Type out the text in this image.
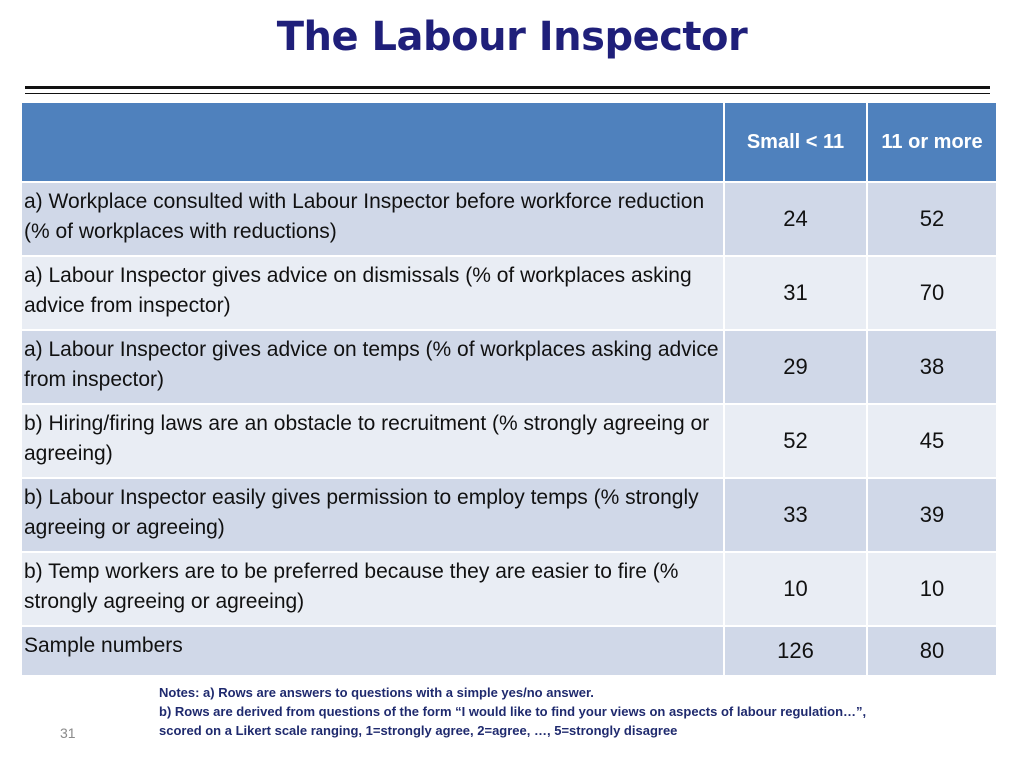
The Labour Inspector
	Small < 11	11 or more
a) Workplace consulted with Labour Inspector before workforce reduction (% of workplaces with reductions)	24	52
a) Labour Inspector gives advice on dismissals (% of workplaces asking advice from inspector)	31	70
a) Labour Inspector gives advice on temps (% of workplaces asking advice from inspector)	29	38
b) Hiring/firing laws are an obstacle to recruitment (% strongly agreeing or agreeing)	52	45
b) Labour Inspector easily gives permission to employ temps (% strongly agreeing or agreeing)	33	39
b) Temp workers are to be preferred because they are easier to fire (% strongly agreeing or agreeing)	10	10
Sample numbers	126	80
Notes: a) Rows are answers to questions with a simple yes/no answer.
b) Rows are derived from questions of the form “I would like to find your views on aspects of labour regulation…”,
scored on a Likert scale ranging, 1=strongly agree, 2=agree, …, 5=strongly disagree
31
